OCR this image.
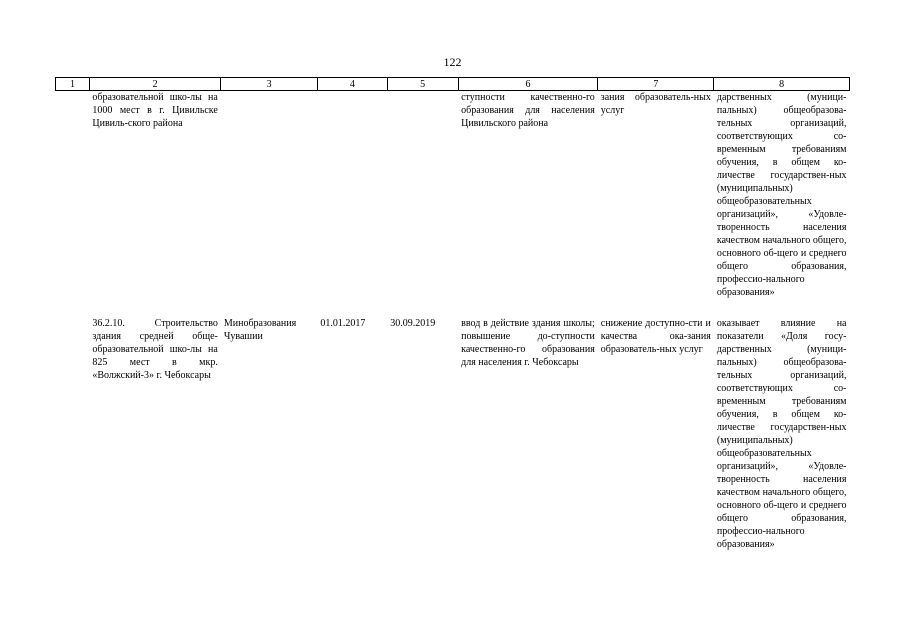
122
1	2	3	4	5	6	7	8
	образовательной шко-лы на 1000 мест в г. Цивильске Цивиль-ского района				ступности качественно-го образования для населения Цивильского района	зания образователь-ных услуг	дарственных (муници-пальных) общеобразова-тельных организаций, соответствующих со-временным требованиям обучения, в общем ко-личестве государствен-ных (муниципальных) общеобразовательных организаций», «Удовле-творенность населения качеством начального общего, основного об-щего и среднего общего образования, профессио-нального образования»

	36.2.10. Строительство здания средней обще-образовательной шко-лы на 825 мест в мкр. «Волжский-3» г. Чебоксары	Минобразования Чувашии	01.01.2017	30.09.2019	ввод в действие здания школы; повышение до-ступности качественно-го образования для населения г. Чебоксары	снижение доступно-сти и качества ока-зания образователь-ных услуг	оказывает влияние на показатели «Доля госу-дарственных (муници-пальных) общеобразова-тельных организаций, соответствующих со-временным требованиям обучения, в общем ко-личестве государствен-ных (муниципальных) общеобразовательных организаций», «Удовле-творенность населения качеством начального общего, основного об-щего и среднего общего образования, профессио-нального образования»
